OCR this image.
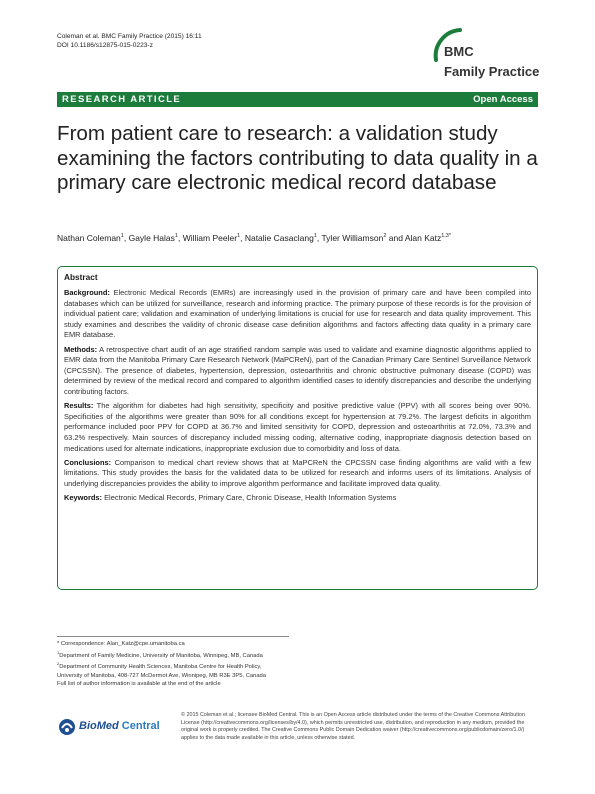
Coleman et al. BMC Family Practice (2015) 16:11
DOI 10.1186/s12875-015-0223-z	BMC
Family Practice
RESEARCH ARTICLE	Open Access
From patient care to research: a validation study examining the factors contributing to data quality in a primary care electronic medical record database
Nathan Coleman$^1$, Gayle Halas$^1$, William Peeler$^1$, Natalie Casaclang$^1$, Tyler Williamson$^2$ and Alan Katz$^{1,3*}$
Abstract

Background: Electronic Medical Records (EMRs) are increasingly used in the provision of primary care and have been compiled into databases which can be utilized for surveillance, research and informing practice. The primary purpose of these records is for the provision of individual patient care; validation and examination of underlying limitations is crucial for use for research and data quality improvement. This study examines and describes the validity of chronic disease case definition algorithms and factors affecting data quality in a primary care EMR database.

Methods: A retrospective chart audit of an age stratified random sample was used to validate and examine diagnostic algorithms applied to EMR data from the Manitoba Primary Care Research Network (MaPCReN), part of the Canadian Primary Care Sentinel Surveillance Network (CPCSSN). The presence of diabetes, hypertension, depression, osteoarthritis and chronic obstructive pulmonary disease (COPD) was determined by review of the medical record and compared to algorithm identified cases to identify discrepancies and describe the underlying contributing factors.

Results: The algorithm for diabetes had high sensitivity, specificity and positive predictive value (PPV) with all scores being over 90%. Specificities of the algorithms were greater than 90% for all conditions except for hypertension at 79.2%. The largest deficits in algorithm performance included poor PPV for COPD at 36.7% and limited sensitivity for COPD, depression and osteoarthritis at 72.0%, 73.3% and 63.2% respectively. Main sources of discrepancy included missing coding, alternative coding, inappropriate diagnosis detection based on medications used for alternate indications, inappropriate exclusion due to comorbidity and loss of data.

Conclusions: Comparison to medical chart review shows that at MaPCReN the CPCSSN case finding algorithms are valid with a few limitations. This study provides the basis for the validated data to be utilized for research and informs users of its limitations. Analysis of underlying discrepancies provides the ability to improve algorithm performance and facilitate improved data quality.

Keywords: Electronic Medical Records, Primary Care, Chronic Disease, Health Information Systems

* Correspondence: Alan_Katz@cpe.umanitoba.ca
$^1$Department of Family Medicine, University of Manitoba, Winnipeg, MB, Canada
$^2$Department of Community Health Sciences, Manitoba Centre for Health Policy, University of Manitoba, 408-727 McDermot Ave, Winnipeg, MB R3E 3P5, Canada
Full list of author information is available at the end of the article
BioMed Central
© 2015 Coleman et al.; licensee BioMed Central. This is an Open Access article distributed under the terms of the Creative Commons Attribution License (http://creativecommons.org/licenses/by/4.0), which permits unrestricted use, distribution, and reproduction in any medium, provided the original work is properly credited. The Creative Commons Public Domain Dedication waiver (http://creativecommons.org/publicdomain/zero/1.0/) applies to the data made available in this article, unless otherwise stated.
